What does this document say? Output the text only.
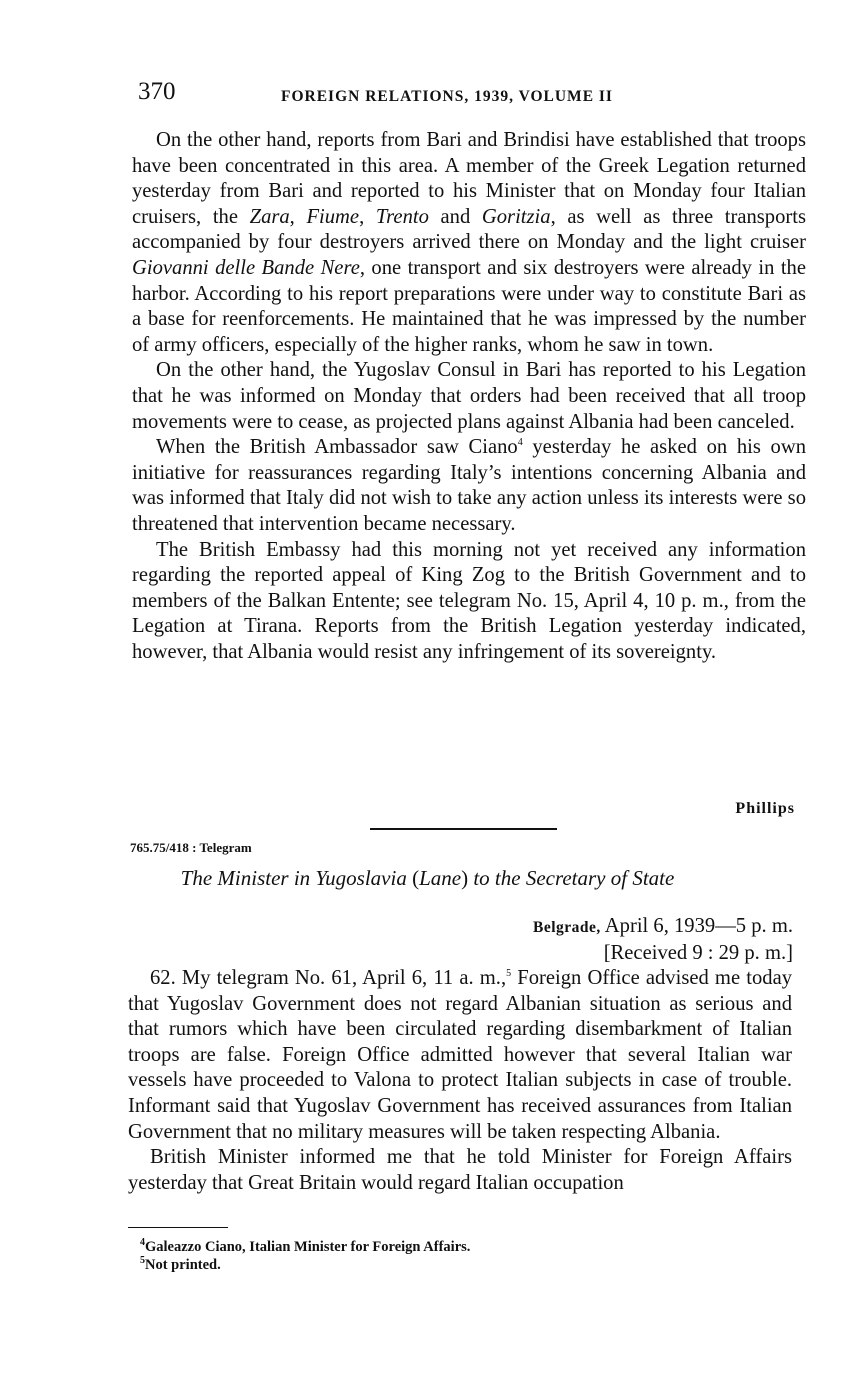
370	FOREIGN RELATIONS, 1939, VOLUME II

On the other hand, reports from Bari and Brindisi have established that troops have been concentrated in this area. A member of the Greek Legation returned yesterday from Bari and reported to his Minister that on Monday four Italian cruisers, the Zara, Fiume, Trento and Goritzia, as well as three transports accompanied by four destroyers arrived there on Monday and the light cruiser Giovanni delle Bande Nere, one transport and six destroyers were already in the harbor. According to his report preparations were under way to constitute Bari as a base for reenforcements. He maintained that he was impressed by the number of army officers, especially of the higher ranks, whom he saw in town.

On the other hand, the Yugoslav Consul in Bari has reported to his Legation that he was informed on Monday that orders had been received that all troop movements were to cease, as projected plans against Albania had been canceled.

When the British Ambassador saw Ciano$^4$ yesterday he asked on his own initiative for reassurances regarding Italy’s intentions concerning Albania and was informed that Italy did not wish to take any action unless its interests were so threatened that intervention became necessary.

The British Embassy had this morning not yet received any information regarding the reported appeal of King Zog to the British Government and to members of the Balkan Entente; see telegram No. 15, April 4, 10 p. m., from the Legation at Tirana. Reports from the British Legation yesterday indicated, however, that Albania would resist any infringement of its sovereignty.

Phillips
765.75/418 : Telegram
The Minister in Yugoslavia (Lane) to the Secretary of State
Belgrade, April 6, 1939—5 p. m.
[Received 9 : 29 p. m.]

62. My telegram No. 61, April 6, 11 a. m.,$^5$ Foreign Office advised me today that Yugoslav Government does not regard Albanian situation as serious and that rumors which have been circulated regarding disembarkment of Italian troops are false. Foreign Office admitted however that several Italian war vessels have proceeded to Valona to protect Italian subjects in case of trouble. Informant said that Yugoslav Government has received assurances from Italian Government that no military measures will be taken respecting Albania.

British Minister informed me that he told Minister for Foreign Affairs yesterday that Great Britain would regard Italian occupation

$^4$Galeazzo Ciano, Italian Minister for Foreign Affairs.
$^5$Not printed.
